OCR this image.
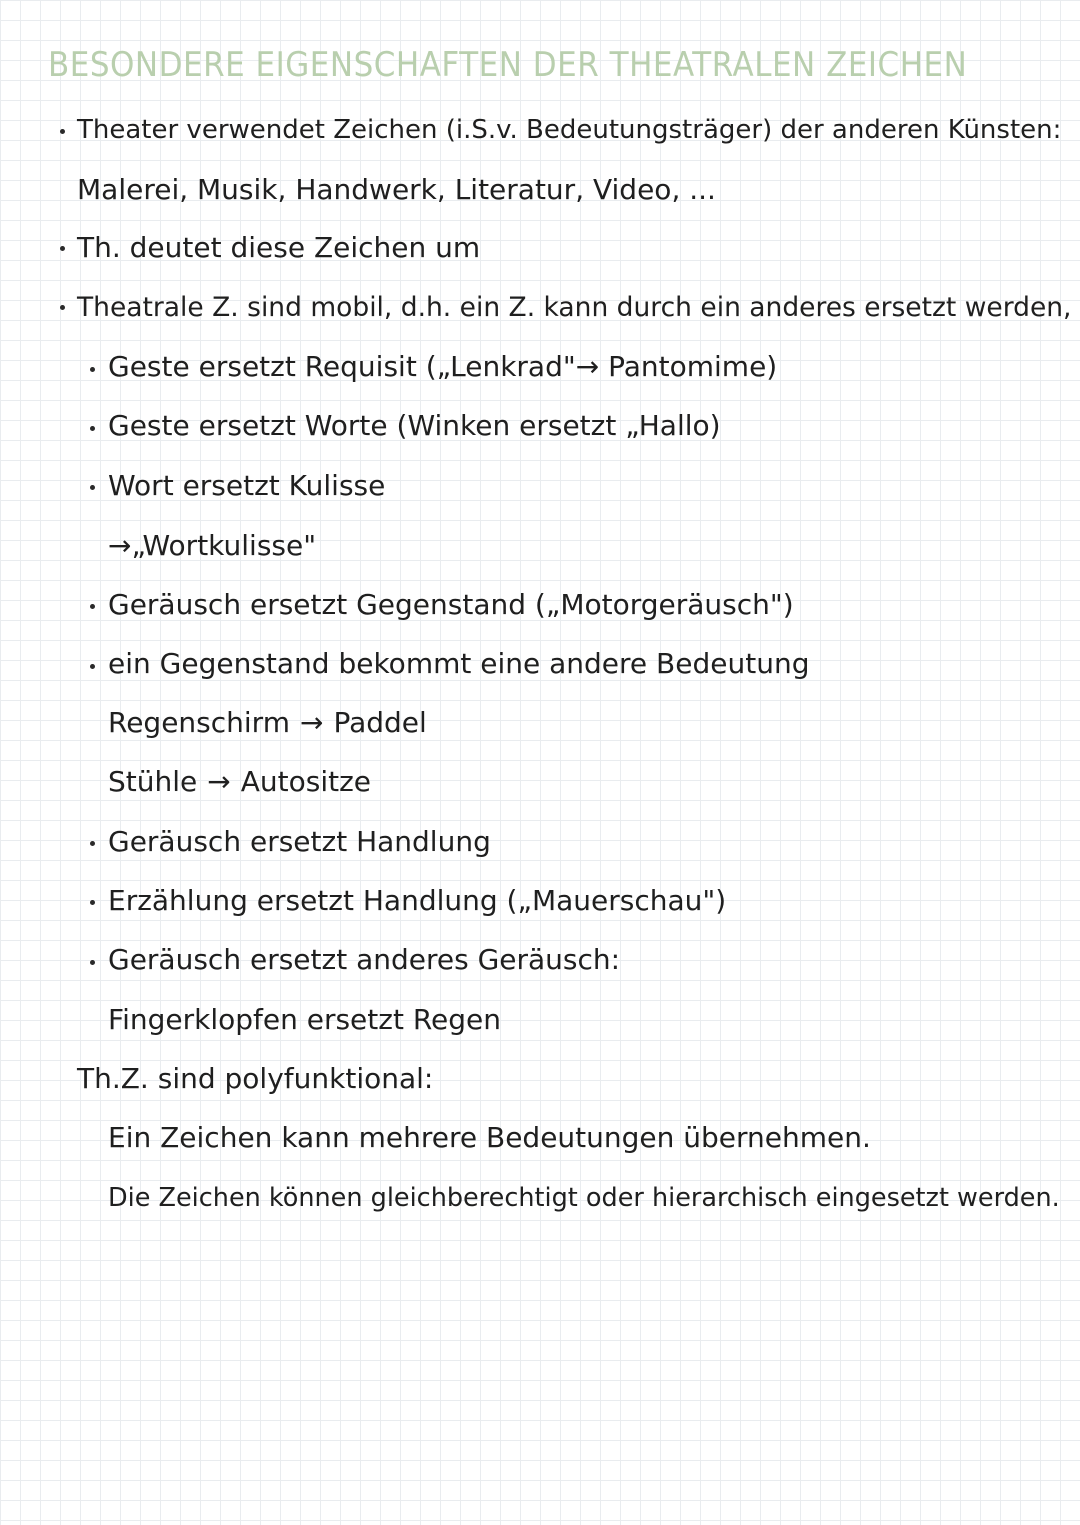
BESONDERE EIGENSCHAFTEN DER THEATRALEN ZEICHEN
Theater verwendet Zeichen (i.S.v. Bedeutungsträger) der anderen Künsten:
Malerei, Musik, Handwerk, Literatur, Video, ...
Th. deutet diese Zeichen um
Theatrale Z. sind mobil, d.h. ein Z. kann durch ein anderes ersetzt werden,
Geste ersetzt Requisit („Lenkrad"→ Pantomime)
Geste ersetzt Worte (Winken ersetzt „Hallo)
Wort ersetzt Kulisse
→„Wortkulisse"
Geräusch ersetzt Gegenstand („Motorgeräusch")
ein Gegenstand bekommt eine andere Bedeutung
Regenschirm → Paddel
Stühle → Autositze
Geräusch ersetzt Handlung
Erzählung ersetzt Handlung („Mauerschau")
Geräusch ersetzt anderes Geräusch:
Fingerklopfen ersetzt Regen
Th.Z. sind polyfunktional:
Ein Zeichen kann mehrere Bedeutungen übernehmen.
Die Zeichen können gleichberechtigt oder hierarchisch eingesetzt werden.
